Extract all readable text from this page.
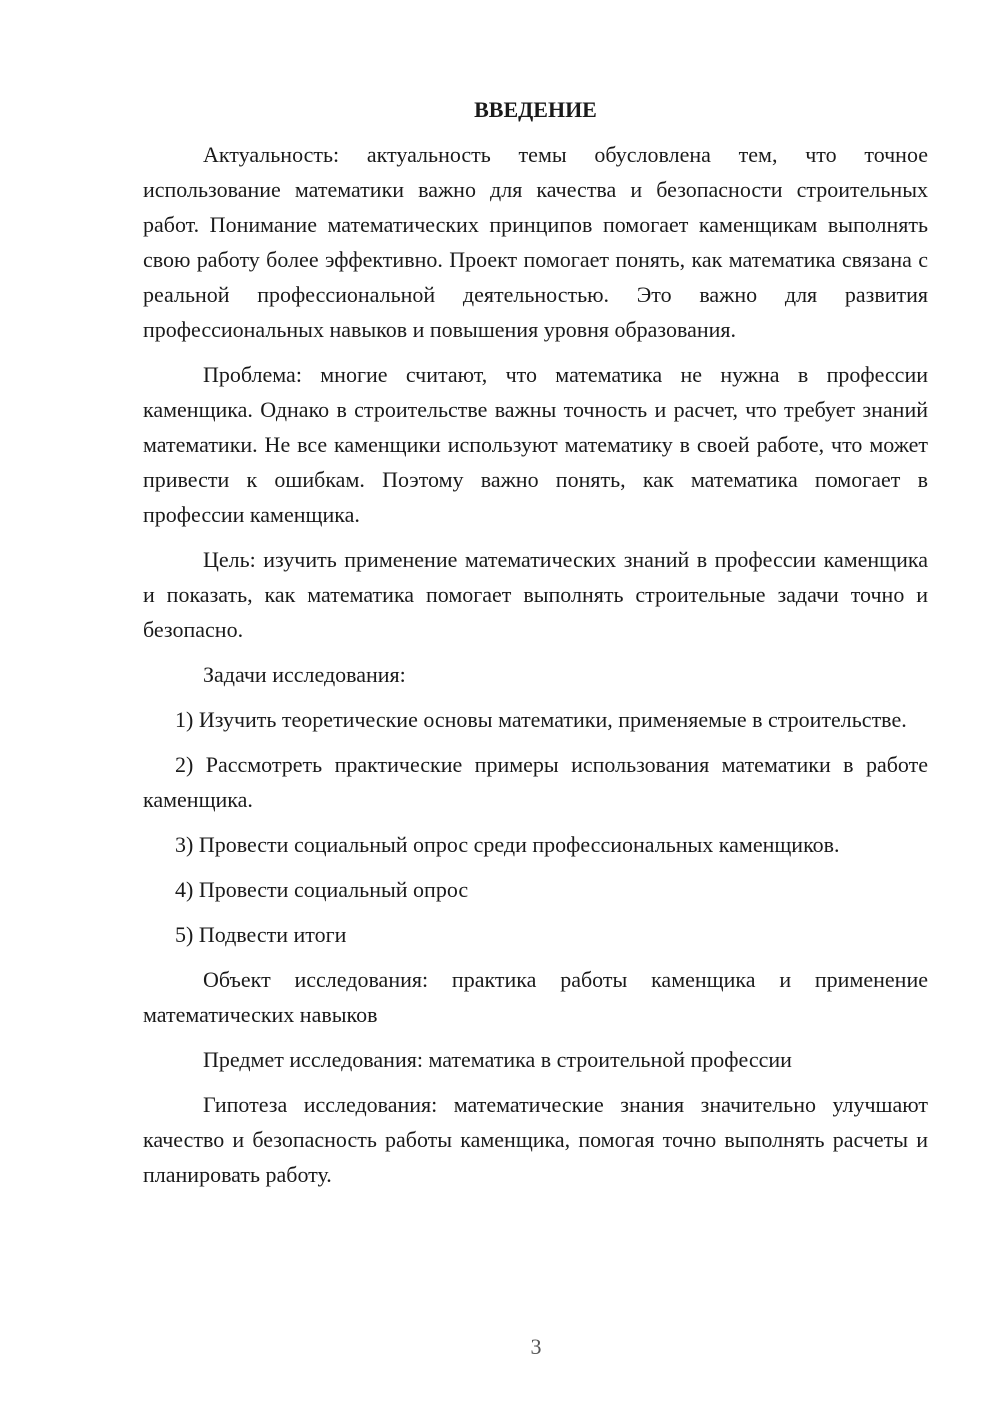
ВВЕДЕНИЕ

Актуальность: актуальность темы обусловлена тем, что точное использование математики важно для качества и безопасности строительных работ. Понимание математических принципов помогает каменщикам выполнять свою работу более эффективно. Проект помогает понять, как математика связана с реальной профессиональной деятельностью. Это важно для развития профессиональных навыков и повышения уровня образования.

Проблема: многие считают, что математика не нужна в профессии каменщика. Однако в строительстве важны точность и расчет, что требует знаний математики. Не все каменщики используют математику в своей работе, что может привести к ошибкам. Поэтому важно понять, как математика помогает в профессии каменщика.

Цель: изучить применение математических знаний в профессии каменщика и показать, как математика помогает выполнять строительные задачи точно и безопасно.

Задачи исследования:

1) Изучить теоретические основы математики, применяемые в строительстве.

2) Рассмотреть практические примеры использования математики в работе каменщика.

3) Провести социальный опрос среди профессиональных каменщиков.

4) Провести социальный опрос

5) Подвести итоги

Объект исследования: практика работы каменщика и применение математических навыков

Предмет исследования: математика в строительной профессии

Гипотеза исследования: математические знания значительно улучшают качество и безопасность работы каменщика, помогая точно выполнять расчеты и планировать работу.

3
